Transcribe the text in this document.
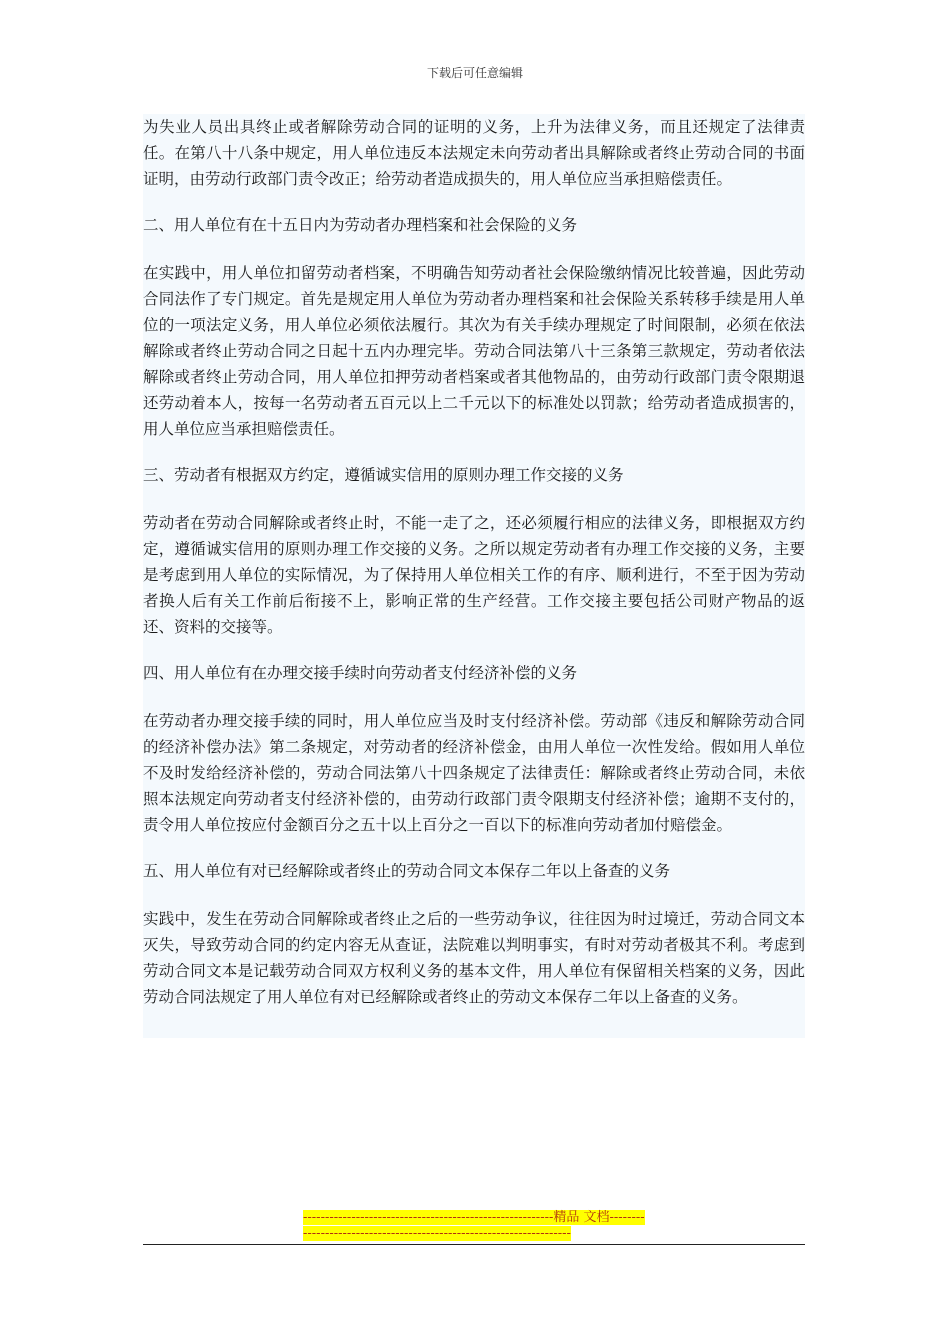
下载后可任意编辑

为失业人员出具终止或者解除劳动合同的证明的义务，上升为法律义务，而且还规定了法律责任。在第八十八条中规定，用人单位违反本法规定未向劳动者出具解除或者终止劳动合同的书面证明，由劳动行政部门责令改正；给劳动者造成损失的，用人单位应当承担赔偿责任。

二、用人单位有在十五日内为劳动者办理档案和社会保险的义务

在实践中，用人单位扣留劳动者档案，不明确告知劳动者社会保险缴纳情况比较普遍，因此劳动合同法作了专门规定。首先是规定用人单位为劳动者办理档案和社会保险关系转移手续是用人单位的一项法定义务，用人单位必须依法履行。其次为有关手续办理规定了时间限制，必须在依法解除或者终止劳动合同之日起十五内办理完毕。劳动合同法第八十三条第三款规定，劳动者依法解除或者终止劳动合同，用人单位扣押劳动者档案或者其他物品的，由劳动行政部门责令限期退还劳动着本人，按每一名劳动者五百元以上二千元以下的标准处以罚款；给劳动者造成损害的，用人单位应当承担赔偿责任。

三、劳动者有根据双方约定，遵循诚实信用的原则办理工作交接的义务

劳动者在劳动合同解除或者终止时，不能一走了之，还必须履行相应的法律义务，即根据双方约定，遵循诚实信用的原则办理工作交接的义务。之所以规定劳动者有办理工作交接的义务，主要是考虑到用人单位的实际情况，为了保持用人单位相关工作的有序、顺利进行，不至于因为劳动者换人后有关工作前后衔接不上，影响正常的生产经营。工作交接主要包括公司财产物品的返还、资料的交接等。

四、用人单位有在办理交接手续时向劳动者支付经济补偿的义务

在劳动者办理交接手续的同时，用人单位应当及时支付经济补偿。劳动部《违反和解除劳动合同的经济补偿办法》第二条规定，对劳动者的经济补偿金，由用人单位一次性发给。假如用人单位不及时发给经济补偿的，劳动合同法第八十四条规定了法律责任：解除或者终止劳动合同，未依照本法规定向劳动者支付经济补偿的，由劳动行政部门责令限期支付经济补偿；逾期不支付的，责令用人单位按应付金额百分之五十以上百分之一百以下的标准向劳动者加付赔偿金。

五、用人单位有对已经解除或者终止的劳动合同文本保存二年以上备查的义务

实践中，发生在劳动合同解除或者终止之后的一些劳动争议，往往因为时过境迁，劳动合同文本灭失，导致劳动合同的约定内容无从查证，法院难以判明事实，有时对劳动者极其不利。考虑到劳动合同文本是记载劳动合同双方权利义务的基本文件，用人单位有保留相关档案的义务，因此劳动合同法规定了用人单位有对已经解除或者终止的劳动文本保存二年以上备查的义务。

---------------------------------------------------------精品 文档---------------------------------------------------------------------
